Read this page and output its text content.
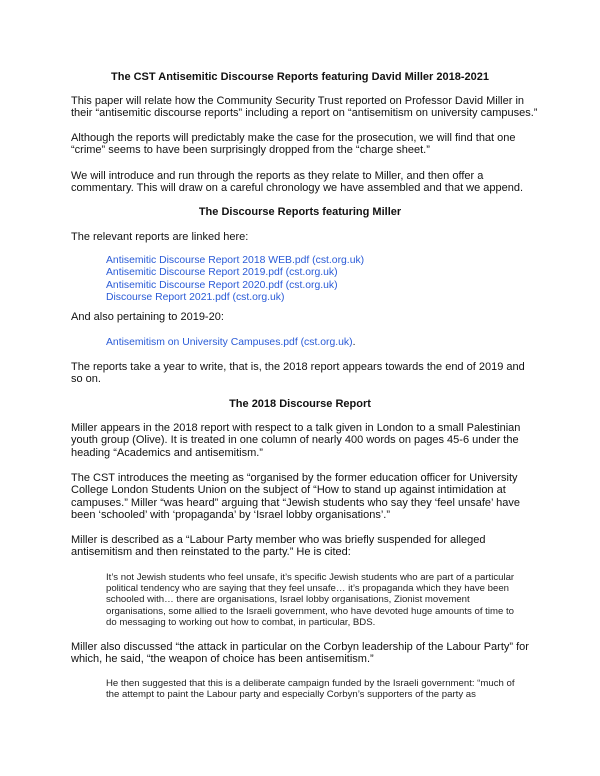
The CST Antisemitic Discourse Reports featuring David Miller 2018-2021
This paper will relate how the Community Security Trust reported on Professor David Miller in
their “antisemitic discourse reports” including a report on “antisemitism on university campuses.”
Although the reports will predictably make the case for the prosecution, we will find that one
“crime” seems to have been surprisingly dropped from the “charge sheet.”
We will introduce and run through the reports as they relate to Miller, and then offer a
commentary. This will draw on a careful chronology we have assembled and that we append.
The Discourse Reports featuring Miller
The relevant reports are linked here:
Antisemitic Discourse Report 2018 WEB.pdf (cst.org.uk)
Antisemitic Discourse Report 2019.pdf (cst.org.uk)
Antisemitic Discourse Report 2020.pdf (cst.org.uk)
Discourse Report 2021.pdf (cst.org.uk)
And also pertaining to 2019-20:
Antisemitism on University Campuses.pdf (cst.org.uk).
The reports take a year to write, that is, the 2018 report appears towards the end of 2019 and
so on.
The 2018 Discourse Report
Miller appears in the 2018 report with respect to a talk given in London to a small Palestinian
youth group (Olive). It is treated in one column of nearly 400 words on pages 45-6 under the
heading “Academics and antisemitism.”
The CST introduces the meeting as “organised by the former education officer for University
College London Students Union on the subject of “How to stand up against intimidation at
campuses.” Miller “was heard” arguing that “Jewish students who say they ‘feel unsafe’ have
been ‘schooled’ with ‘propaganda’ by ‘Israel lobby organisations’.”
Miller is described as a “Labour Party member who was briefly suspended for alleged
antisemitism and then reinstated to the party.” He is cited:
It’s not Jewish students who feel unsafe, it’s specific Jewish students who are part of a particular
political tendency who are saying that they feel unsafe… it’s propaganda which they have been
schooled with… there are organisations, Israel lobby organisations, Zionist movement
organisations, some allied to the Israeli government, who have devoted huge amounts of time to
do messaging to working out how to combat, in particular, BDS.
Miller also discussed “the attack in particular on the Corbyn leadership of the Labour Party” for
which, he said, “the weapon of choice has been antisemitism.”
He then suggested that this is a deliberate campaign funded by the Israeli government: “much of
the attempt to paint the Labour party and especially Corbyn’s supporters of the party as
